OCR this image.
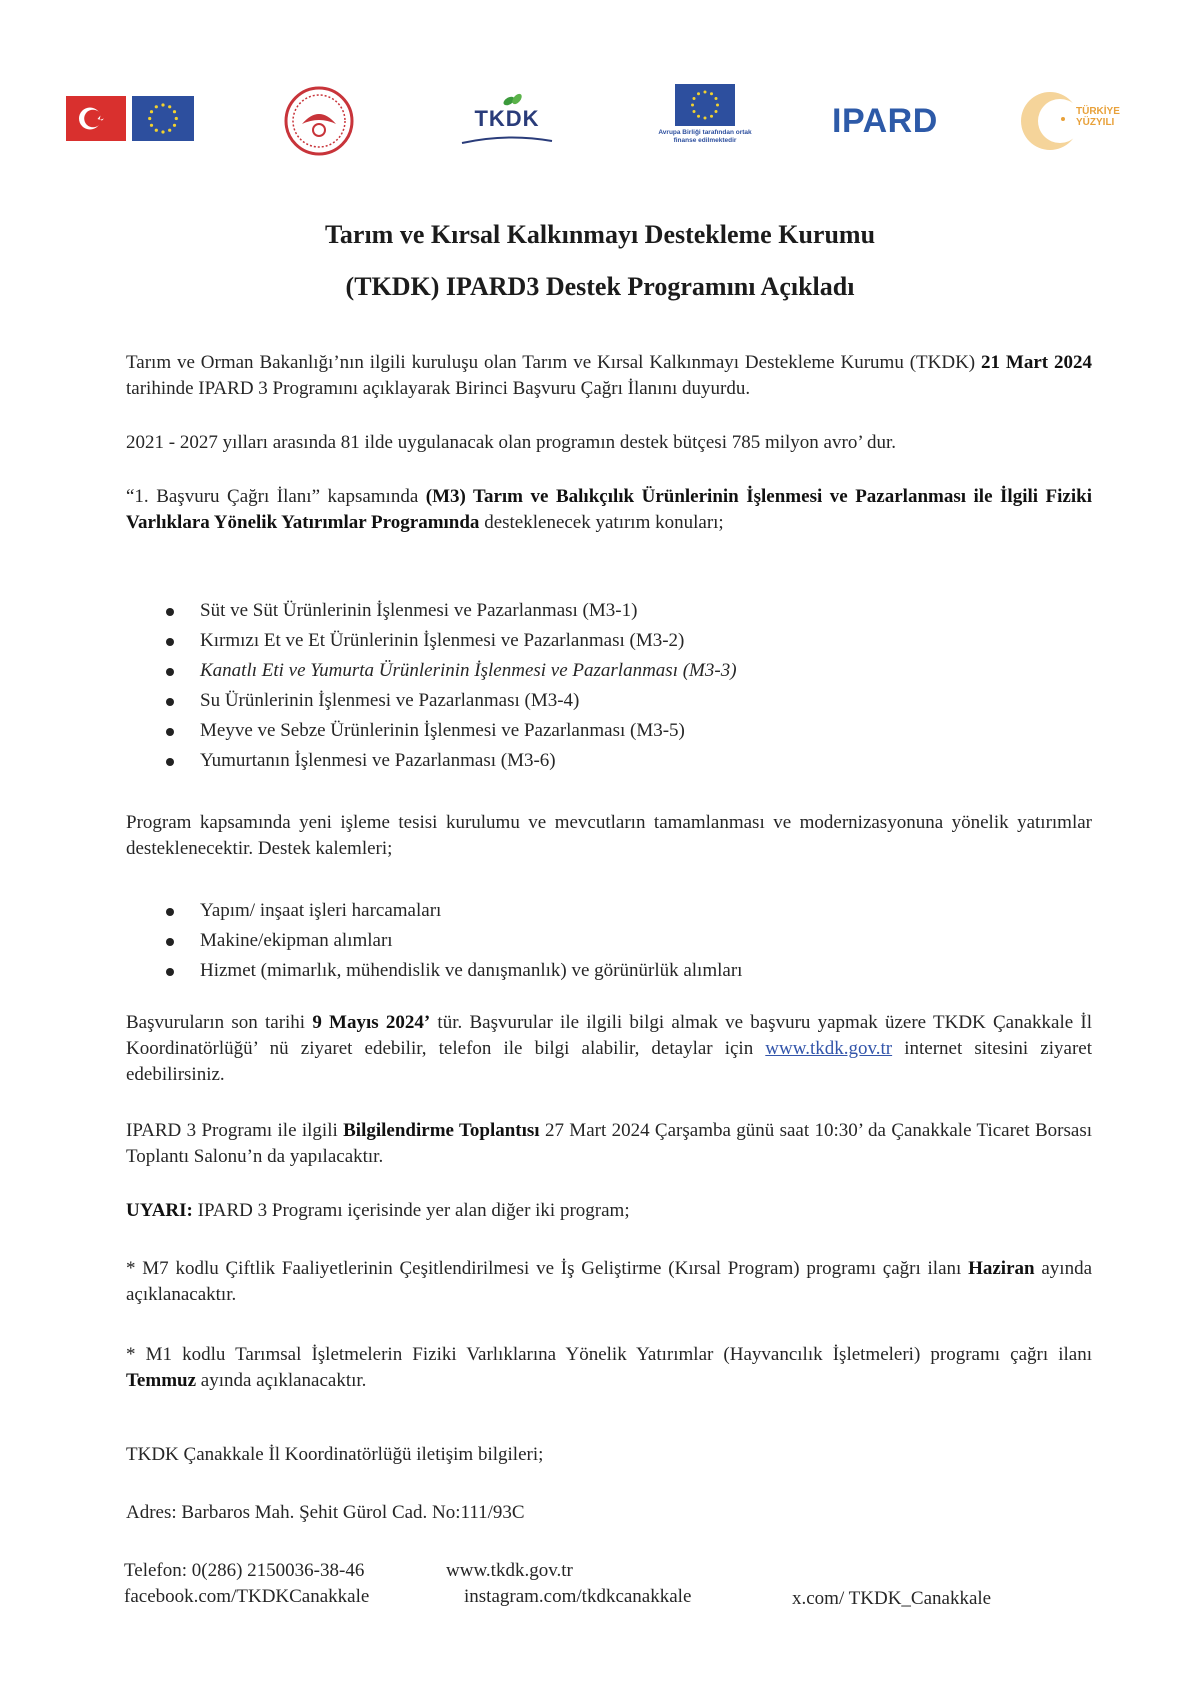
TKDK
Avrupa Birliği tarafından ortak finanse edilmektedir
IPARD	TÜRKİYE YÜZYILI
Tarım ve Kırsal Kalkınmayı Destekleme Kurumu
(TKDK) IPARD3 Destek Programını Açıkladı
Tarım ve Orman Bakanlığı’nın ilgili kuruluşu olan Tarım ve Kırsal Kalkınmayı Destekleme Kurumu (TKDK) 21 Mart 2024 tarihinde IPARD 3 Programını açıklayarak Birinci Başvuru Çağrı İlanını duyurdu.
2021 - 2027 yılları arasında 81 ilde uygulanacak olan programın destek bütçesi 785 milyon avro’ dur.
“1. Başvuru Çağrı İlanı” kapsamında (M3) Tarım ve Balıkçılık Ürünlerinin İşlenmesi ve Pazarlanması ile İlgili Fiziki Varlıklara Yönelik Yatırımlar Programında desteklenecek yatırım konuları;
Süt ve Süt Ürünlerinin İşlenmesi ve Pazarlanması (M3-1)
Kırmızı Et ve Et Ürünlerinin İşlenmesi ve Pazarlanması (M3-2)
Kanatlı Eti ve Yumurta Ürünlerinin İşlenmesi ve Pazarlanması (M3-3)
Su Ürünlerinin İşlenmesi ve Pazarlanması (M3-4)
Meyve ve Sebze Ürünlerinin İşlenmesi ve Pazarlanması (M3-5)
Yumurtanın İşlenmesi ve Pazarlanması (M3-6)
Program kapsamında yeni işleme tesisi kurulumu ve mevcutların tamamlanması ve modernizasyonuna yönelik yatırımlar desteklenecektir. Destek kalemleri;
Yapım/ inşaat işleri harcamaları
Makine/ekipman alımları
Hizmet (mimarlık, mühendislik ve danışmanlık) ve görünürlük alımları
Başvuruların son tarihi 9 Mayıs 2024’ tür. Başvurular ile ilgili bilgi almak ve başvuru yapmak üzere TKDK Çanakkale İl Koordinatörlüğü’ nü ziyaret edebilir, telefon ile bilgi alabilir, detaylar için www.tkdk.gov.tr internet sitesini ziyaret edebilirsiniz.
IPARD 3 Programı ile ilgili Bilgilendirme Toplantısı 27 Mart 2024 Çarşamba günü saat 10:30’ da Çanakkale Ticaret Borsası Toplantı Salonu’n da yapılacaktır.
UYARI: IPARD 3 Programı içerisinde yer alan diğer iki program;
* M7 kodlu Çiftlik Faaliyetlerinin Çeşitlendirilmesi ve İş Geliştirme (Kırsal Program) programı çağrı ilanı Haziran ayında açıklanacaktır.
* M1 kodlu Tarımsal İşletmelerin Fiziki Varlıklarına Yönelik Yatırımlar (Hayvancılık İşletmeleri) programı çağrı ilanı Temmuz ayında açıklanacaktır.
TKDK Çanakkale İl Koordinatörlüğü iletişim bilgileri;
Adres: Barbaros Mah. Şehit Gürol Cad. No:111/93C
Telefon: 0(286) 2150036-38-46	www.tkdk.gov.tr
facebook.com/TKDKCanakkale	instagram.com/tkdkcanakkale	x.com/ TKDK_Canakkale
